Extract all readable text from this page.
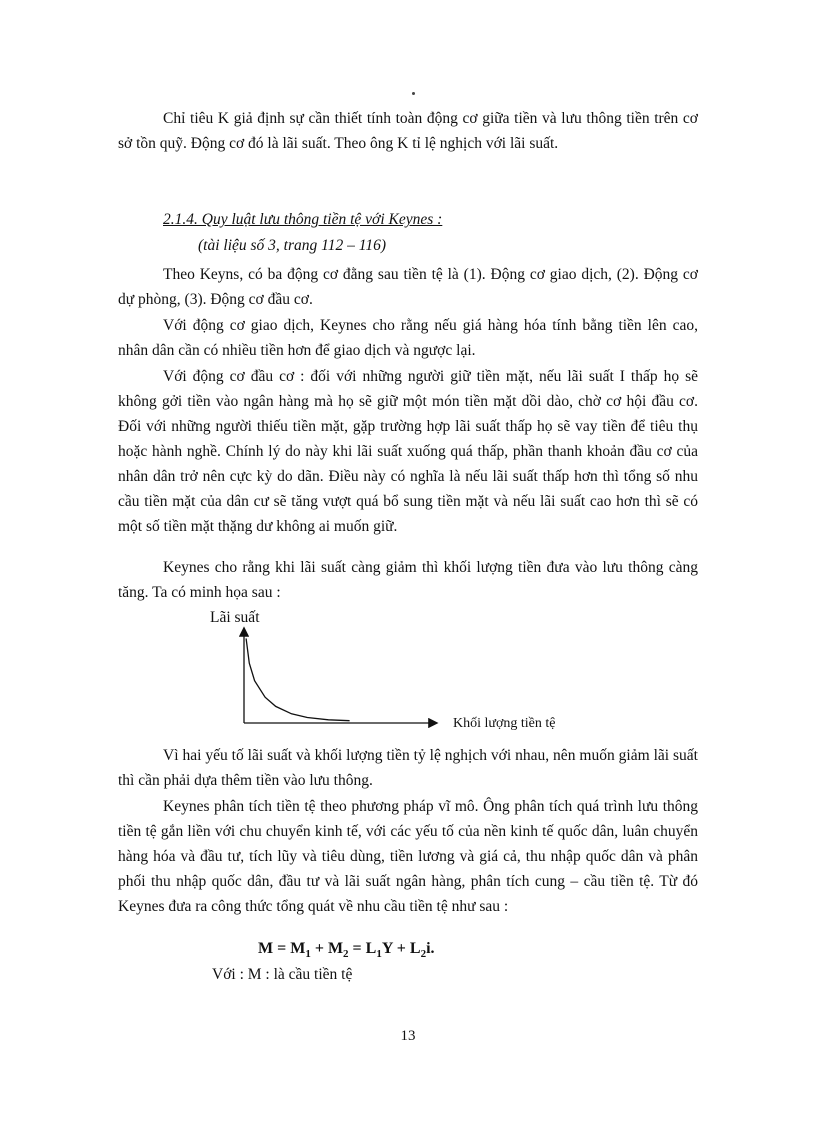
Chỉ tiêu K giả định sự cần thiết tính toàn động cơ giữa tiền và lưu thông tiền trên cơ sở tồn quỹ. Động cơ đó là lãi suất. Theo ông K tỉ lệ nghịch với lãi suất.

2.1.4. Quy luật lưu thông tiền tệ với Keynes :

(tài liệu số 3, trang 112 – 116)

Theo Keyns, có ba động cơ đằng sau tiền tệ là (1). Động cơ giao dịch, (2). Động cơ dự phòng, (3). Động cơ đầu cơ.

Với động cơ giao dịch, Keynes cho rằng nếu giá hàng hóa tính bằng tiền lên cao, nhân dân cần có nhiều tiền hơn để giao dịch và ngược lại.

Với động cơ đầu cơ : đối với những người giữ tiền mặt, nếu lãi suất I thấp họ sẽ không gởi tiền vào ngân hàng mà họ sẽ giữ một món tiền mặt dồi dào, chờ cơ hội đầu cơ. Đối với những người thiếu tiền mặt, gặp trường hợp lãi suất thấp họ sẽ vay tiền để tiêu thụ hoặc hành nghề. Chính lý do này khi lãi suất xuống quá thấp, phần thanh khoản đầu cơ của nhân dân trở nên cực kỳ do dãn. Điều này có nghĩa là nếu lãi suất thấp hơn thì tổng số nhu cầu tiền mặt của dân cư sẽ tăng vượt quá bổ sung tiền mặt và nếu lãi suất cao hơn thì sẽ có một số tiền mặt thặng dư không ai muốn giữ.

Keynes cho rằng khi lãi suất càng giảm thì khối lượng tiền đưa vào lưu thông càng tăng. Ta có minh họa sau :

Lãi suất
Khối lượng tiền tệ

Vì hai yếu tố lãi suất và khối lượng tiền tỷ lệ nghịch với nhau, nên muốn giảm lãi suất thì cần phải dựa thêm tiền vào lưu thông.

Keynes phân tích tiền tệ theo phương pháp vĩ mô. Ông phân tích quá trình lưu thông tiền tệ gắn liền với chu chuyển kinh tế, với các yếu tố của nền kinh tế quốc dân, luân chuyển hàng hóa và đầu tư, tích lũy và tiêu dùng, tiền lương và giá cả, thu nhập quốc dân và phân phối thu nhập quốc dân, đầu tư và lãi suất ngân hàng, phân tích cung – cầu tiền tệ. Từ đó Keynes đưa ra công thức tổng quát về nhu cầu tiền tệ như sau :

$M = M_1 + M_2 = L_1Y + L_2i$.

Với : M : là cầu tiền tệ

13
